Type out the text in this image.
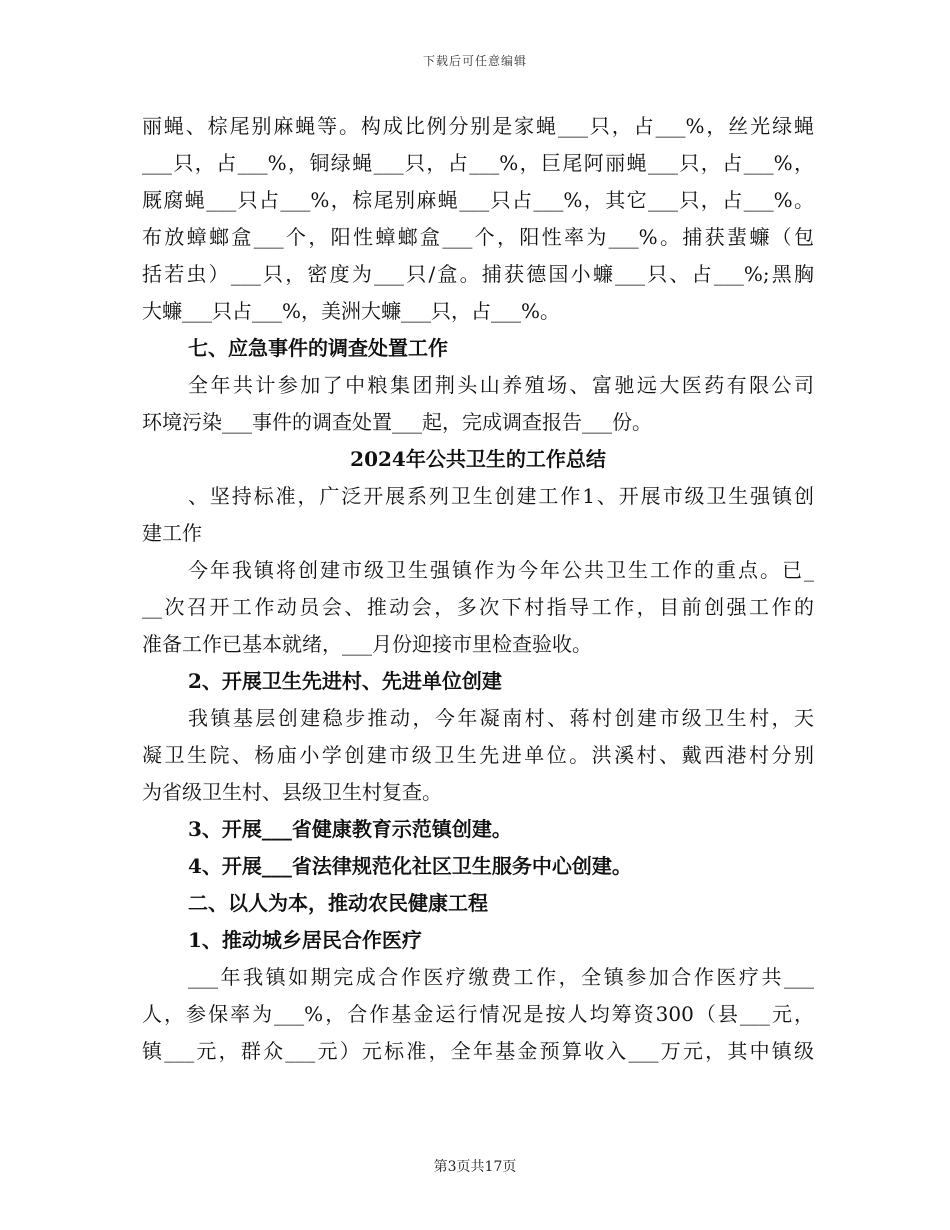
下载后可任意编辑
丽蝇、棕尾别麻蝇等。构成比例分别是家蝇___只，占___%，丝光绿蝇
___只，占___%，铜绿蝇___只，占___%，巨尾阿丽蝇___只，占___%，
厩腐蝇___只占___%，棕尾别麻蝇___只占___%，其它___只，占___%。
布放蟑螂盒___个，阳性蟑螂盒___个，阳性率为___%。捕获蜚蠊（包
括若虫）___只，密度为___只/盒。捕获德国小蠊___只、占___%;黑胸
大蠊___只占___%，美洲大蠊___只，占___%。
七、应急事件的调查处置工作
全年共计参加了中粮集团荆头山养殖场、富驰远大医药有限公司
环境污染___事件的调查处置___起，完成调查报告___份。
2024年公共卫生的工作总结
、坚持标准，广泛开展系列卫生创建工作1、开展市级卫生强镇创
建工作
今年我镇将创建市级卫生强镇作为今年公共卫生工作的重点。已_
__次召开工作动员会、推动会，多次下村指导工作，目前创强工作的
准备工作已基本就绪，___月份迎接市里检查验收。
2、开展卫生先进村、先进单位创建
我镇基层创建稳步推动，今年凝南村、蒋村创建市级卫生村，天
凝卫生院、杨庙小学创建市级卫生先进单位。洪溪村、戴西港村分别
为省级卫生村、县级卫生村复查。
3、开展___省健康教育示范镇创建。
4、开展___省法律规范化社区卫生服务中心创建。
二、以人为本，推动农民健康工程
1、推动城乡居民合作医疗
___年我镇如期完成合作医疗缴费工作，全镇参加合作医疗共___
人，参保率为___%，合作基金运行情况是按人均筹资300（县___元，
镇___元，群众___元）元标准，全年基金预算收入___万元，其中镇级
第3页共17页
